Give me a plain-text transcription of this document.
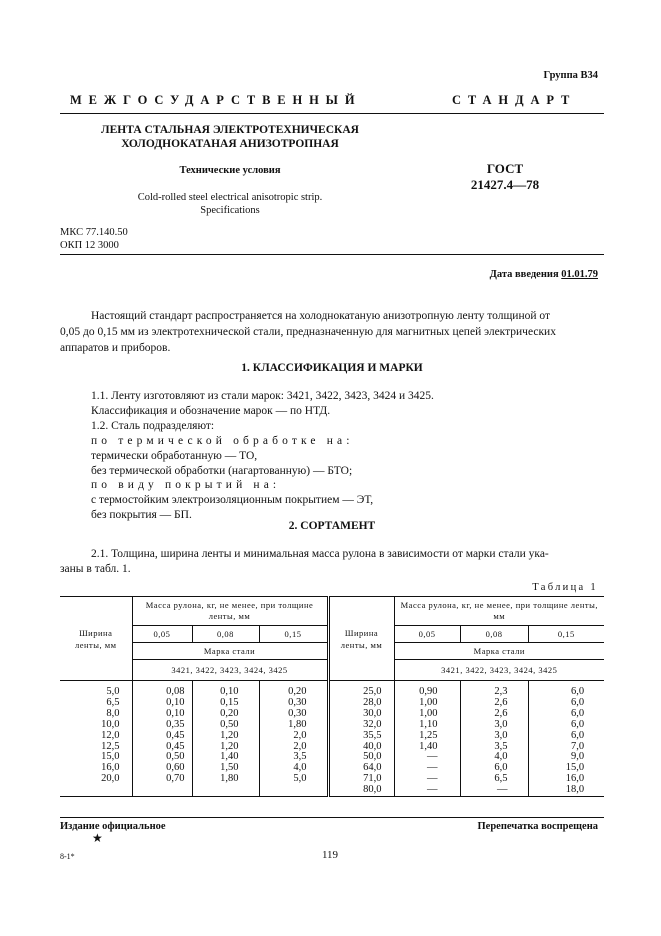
Группа В34
МЕЖГОСУДАРСТВЕННЫЙ	СТАНДАРТ
ЛЕНТА СТАЛЬНАЯ ЭЛЕКТРОТЕХНИЧЕСКАЯ
ХОЛОДНОКАТАНАЯ АНИЗОТРОПНАЯ
Технические условия
Cold-rolled steel electrical anisotropic strip.
Specifications
ГОСТ
21427.4—78
МКС 77.140.50
ОКП 12 3000
Дата введения 01.01.79

Настоящий стандарт распространяется на холоднокатаную анизотропную ленту толщиной от

0,05 до 0,15 мм из электротехнической стали, предназначенную для магнитных цепей электрических

аппаратов и приборов.

1. КЛАССИФИКАЦИЯ И МАРКИ
1.1. Ленту изготовляют из стали марок: 3421, 3422, 3423, 3424 и 3425.
Классификация и обозначение марок — по НТД.
1.2. Сталь подразделяют:
по термической обработке на:
термически обработанную — ТО,
без термической обработки (нагартованную) — БТО;
по виду покрытий на:
с термостойким электроизоляционным покрытием — ЭТ,
без покрытия — БП.
2. СОРТАМЕНТ

2.1. Толщина, ширина ленты и минимальная масса рулона в зависимости от марки стали ука-

заны в табл. 1.

Таблица 1
Ширина ленты, мм	Масса рулона, кг, не менее, при толщине ленты, мм			Ширина ленты, мм	Масса рулона, кг, не менее, при толщине ленты, мм		
	0,05	0,08	0,15		0,05	0,08	0,15
	Марка стали				Марка стали		
	3421, 3422, 3423, 3424, 3425				3421, 3422, 3423, 3424, 3425		
5,0	0,08	0,10	0,20	25,0	0,90	2,3	6,0
6,5	0,10	0,15	0,30	28,0	1,00	2,6	6,0
8,0	0,10	0,20	0,30	30,0	1,00	2,6	6,0
10,0	0,35	0,50	1,80	32,0	1,10	3,0	6,0
12,0	0,45	1,20	2,0	35,5	1,25	3,0	6,0
12,5	0,45	1,20	2,0	40,0	1,40	3,5	7,0
15,0	0,50	1,40	3,5	50,0	—	4,0	9,0
16,0	0,60	1,50	4,0	64,0	—	6,0	15,0
20,0	0,70	1,80	5,0	71,0	—	6,5	16,0
				80,0	—	—	18,0
Издание официальное	Перепечатка воспрещена
★
8-1*	119
